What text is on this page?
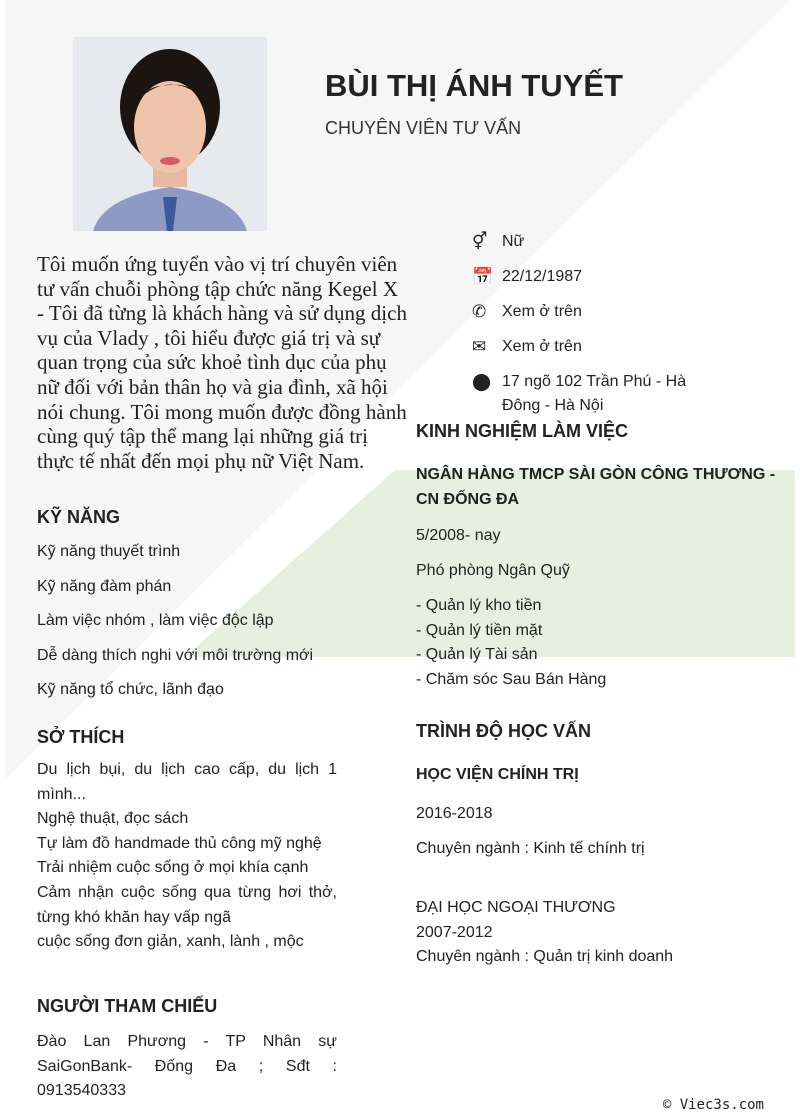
BÙI THỊ ÁNH TUYẾT
CHUYÊN VIÊN TƯ VẤN
Tôi muốn ứng tuyển vào vị trí chuyên viên tư vấn chuỗi phòng tập chức năng Kegel X - Tôi đã từng là khách hàng và sử dụng dịch vụ của Vlady , tôi hiểu được giá trị và sự quan trọng của sức khoẻ tình dục của phụ nữ đối với bản thân họ và gia đình, xã hội nói chung. Tôi mong muốn được đồng hành cùng quý tập thể mang lại những giá trị thực tế nhất đến mọi phụ nữ Việt Nam.
⚥ Nữ
📅 22/12/1987
✆ Xem ở trên
✉ Xem ở trên
⬤ 17 ngõ 102 Trần Phú - Hà Đông - Hà Nội
KỸ NĂNG
Kỹ năng thuyết trình
Kỹ năng đàm phán
Làm việc nhóm , làm việc độc lập
Dễ dàng thích nghi với môi trường mới
Kỹ năng tổ chức, lãnh đạo
SỞ THÍCH
Du lịch bụi, du lịch cao cấp, du lịch 1 mình...
Nghệ thuật, đọc sách
Tự làm đồ handmade thủ công mỹ nghệ
Trải nhiệm cuộc sống ở mọi khía cạnh
Cảm nhận cuộc sống qua từng hơi thở, từng khó khăn hay vấp ngã
cuộc sống đơn giản, xanh, lành , mộc
NGƯỜI THAM CHIẾU
Đào Lan Phương - TP Nhân sự SaiGonBank- Đống Đa ; Sđt : 0913540333
KINH NGHIỆM LÀM VIỆC
NGÂN HÀNG TMCP SÀI GÒN CÔNG THƯƠNG - CN ĐỐNG ĐA
5/2008- nay
Phó phòng Ngân Quỹ
- Quản lý kho tiền
- Quản lý tiền mặt
- Quản lý Tài sản
- Chăm sóc Sau Bán Hàng
TRÌNH ĐỘ HỌC VẤN
HỌC VIỆN CHÍNH TRỊ
2016-2018
Chuyên ngành : Kinh tế chính trị
ĐẠI HỌC NGOẠI THƯƠNG
2007-2012
Chuyên ngành : Quản trị kinh doanh
© Viec3s.com
